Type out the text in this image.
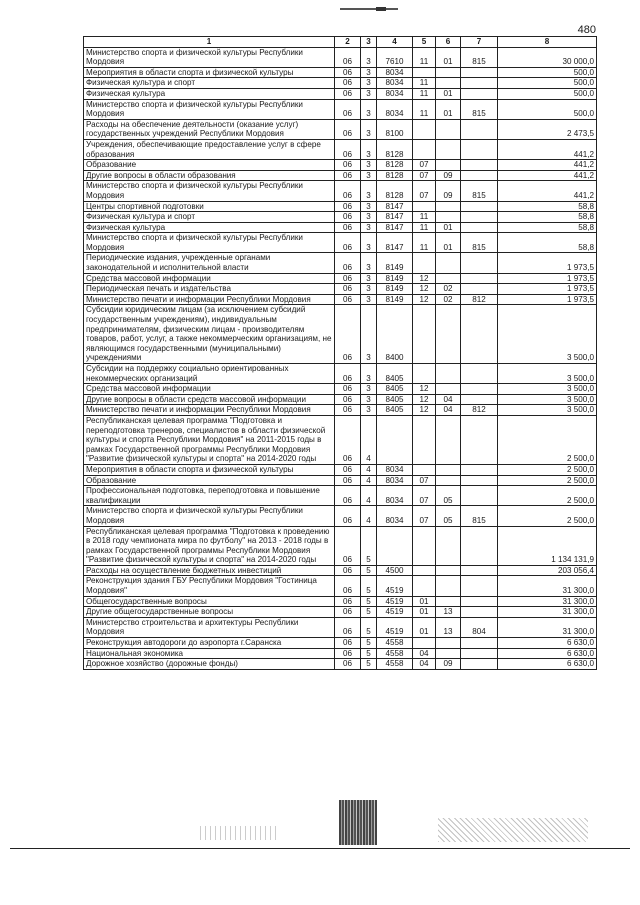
480
1	2	3	4	5	6	7	8
Министерство спорта и физической культуры Республики Мордовия	06	3	7610	11	01	815	30 000,0
Мероприятия в области спорта и физической культуры	06	3	8034				500,0
Физическая культура и спорт	06	3	8034	11			500,0
Физическая культура	06	3	8034	11	01		500,0
Министерство спорта и физической культуры Республики Мордовия	06	3	8034	11	01	815	500,0
Расходы на обеспечение деятельности (оказание услуг) государственных учреждений Республики Мордовия	06	3	8100				2 473,5
Учреждения, обеспечивающие предоставление услуг в сфере образования	06	3	8128				441,2
Образование	06	3	8128	07			441,2
Другие вопросы в области образования	06	3	8128	07	09		441,2
Министерство спорта и физической культуры Республики Мордовия	06	3	8128	07	09	815	441,2
Центры спортивной подготовки	06	3	8147				58,8
Физическая культура и спорт	06	3	8147	11			58,8
Физическая культура	06	3	8147	11	01		58,8
Министерство спорта и физической культуры Республики Мордовия	06	3	8147	11	01	815	58,8
Периодические издания, учрежденные органами законодательной и исполнительной власти	06	3	8149				1 973,5
Средства массовой информации	06	3	8149	12			1 973,5
Периодическая печать и издательства	06	3	8149	12	02		1 973,5
Министерство печати и информации Республики Мордовия	06	3	8149	12	02	812	1 973,5
Субсидии юридическим лицам (за исключением субсидий государственным учреждениям), индивидуальным предпринимателям, физическим лицам - производителям товаров, работ, услуг, а также некоммерческим организациям, не являющимся государственными (муниципальными) учреждениями	06	3	8400				3 500,0
Субсидии на поддержку социально ориентированных некоммерческих организаций	06	3	8405				3 500,0
Средства массовой информации	06	3	8405	12			3 500,0
Другие вопросы в области средств массовой информации	06	3	8405	12	04		3 500,0
Министерство печати и информации Республики Мордовия	06	3	8405	12	04	812	3 500,0
Республиканская целевая программа "Подготовка и переподготовка тренеров, специалистов в области физической культуры и спорта Республики Мордовия" на 2011-2015 годы в рамках Государственной программы Республики Мордовия "Развитие физической культуры и спорта" на 2014-2020 годы	06	4					2 500,0
Мероприятия в области спорта и физической культуры	06	4	8034				2 500,0
Образование	06	4	8034	07			2 500,0
Профессиональная подготовка, переподготовка и повышение квалификации	06	4	8034	07	05		2 500,0
Министерство спорта и физической культуры Республики Мордовия	06	4	8034	07	05	815	2 500,0
Республиканская целевая программа "Подготовка к проведению в 2018 году чемпионата мира по футболу" на 2013 - 2018 годы в рамках Государственной программы Республики Мордовия "Развитие физической культуры и спорта" на 2014-2020 годы	06	5					1 134 131,9
Расходы на осуществление бюджетных инвестиций	06	5	4500				203 056,4
Реконструкция здания ГБУ Республики Мордовия "Гостиница Мордовия"	06	5	4519				31 300,0
Общегосударственные вопросы	06	5	4519	01			31 300,0
Другие общегосударственные вопросы	06	5	4519	01	13		31 300,0
Министерство строительства и архитектуры Республики Мордовия	06	5	4519	01	13	804	31 300,0
Реконструкция автодороги до аэропорта г.Саранска	06	5	4558				6 630,0
Национальная экономика	06	5	4558	04			6 630,0
Дорожное хозяйство (дорожные фонды)	06	5	4558	04	09		6 630,0
